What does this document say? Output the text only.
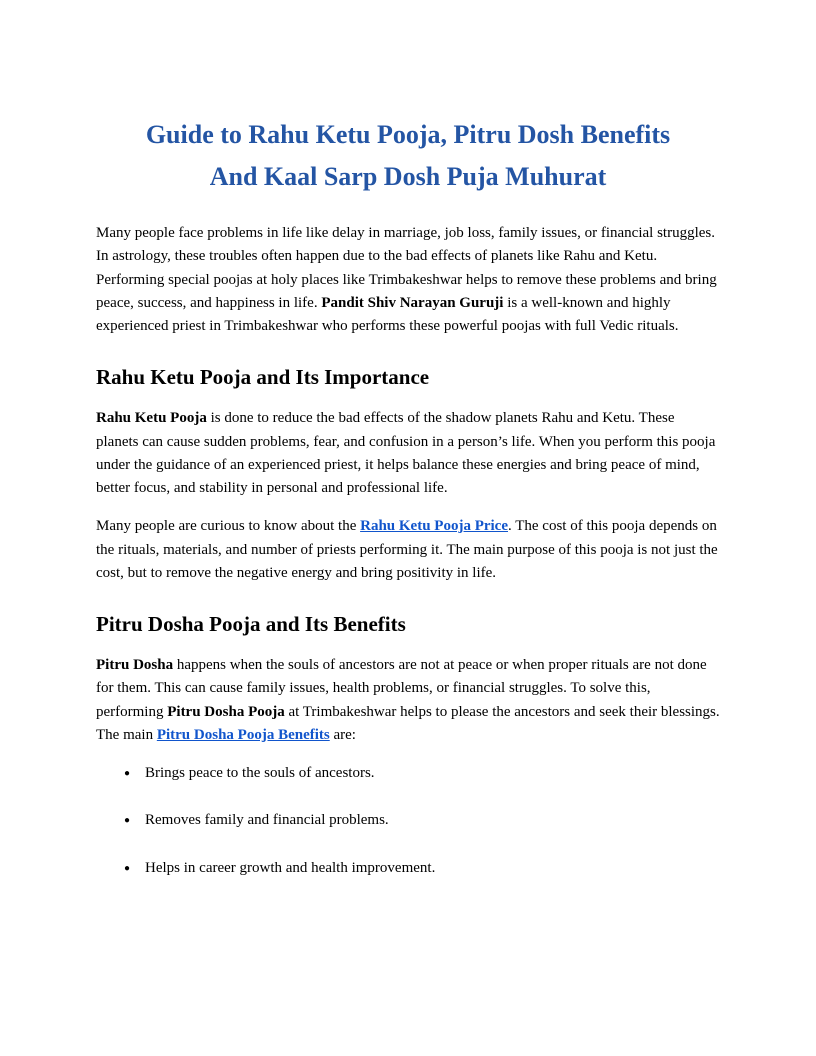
Guide to Rahu Ketu Pooja, Pitru Dosh Benefits
And Kaal Sarp Dosh Puja Muhurat

Many people face problems in life like delay in marriage, job loss, family issues, or financial struggles. In astrology, these troubles often happen due to the bad effects of planets like Rahu and Ketu. Performing special poojas at holy places like Trimbakeshwar helps to remove these problems and bring peace, success, and happiness in life. Pandit Shiv Narayan Guruji is a well-known and highly experienced priest in Trimbakeshwar who performs these powerful poojas with full Vedic rituals.

Rahu Ketu Pooja and Its Importance

Rahu Ketu Pooja is done to reduce the bad effects of the shadow planets Rahu and Ketu. These planets can cause sudden problems, fear, and confusion in a person’s life. When you perform this pooja under the guidance of an experienced priest, it helps balance these energies and bring peace of mind, better focus, and stability in personal and professional life.

Many people are curious to know about the Rahu Ketu Pooja Price. The cost of this pooja depends on the rituals, materials, and number of priests performing it. The main purpose of this pooja is not just the cost, but to remove the negative energy and bring positivity in life.

Pitru Dosha Pooja and Its Benefits

Pitru Dosha happens when the souls of ancestors are not at peace or when proper rituals are not done for them. This can cause family issues, health problems, or financial struggles. To solve this, performing Pitru Dosha Pooja at Trimbakeshwar helps to please the ancestors and seek their blessings. The main Pitru Dosha Pooja Benefits are:

● Brings peace to the souls of ancestors.
● Removes family and financial problems.
● Helps in career growth and health improvement.
